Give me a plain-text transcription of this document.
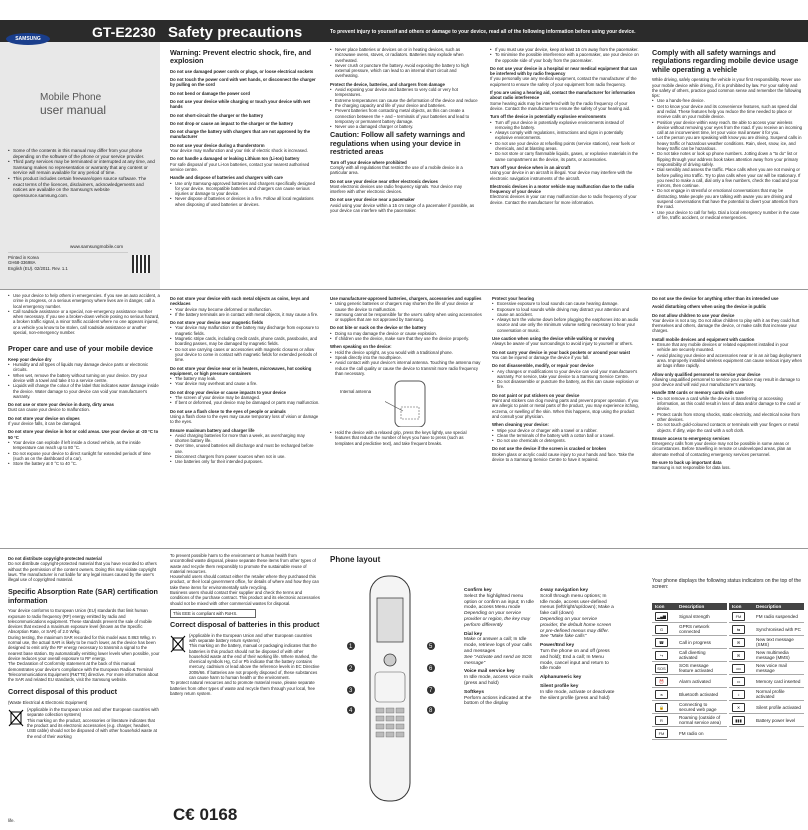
GT-E2230 Safety precautions	To prevent injury to yourself and others or damage to your device, read all of the following information before using your device.
SAMSUNG
Mobile Phone
user manual
• Some of the contents in this manual may differ from your phone depending on the software of the phone or your service provider.
• Third party services may be terminated or interrupted at any time, and Samsung makes no representation or warranty that any content or service will remain available for any period of time.
• This product includes certain freeware/open source software. The exact terms of the licences, disclaimers, acknowledgements and notices are available on the Samsung's website opensource.samsung.com.
www.samsungmobile.com
Printed in Korea
GH68-33698A
English (EU). 02/2011. Rev. 1.1
Warning: Prevent electric shock, fire, and explosion
Do not use damaged power cords or plugs, or loose electrical sockets
Do not touch the power cord with wet hands, or disconnect the charger by pulling on the cord
Do not bend or damage the power cord
Do not use your device while charging or touch your device with wet hands
Do not short-circuit the charger or the battery
Do not drop or cause an impact to the charger or the battery
Do not charge the battery with chargers that are not approved by the manufacturer
Do not use your device during a thunderstorm
Your device may malfunction and your risk of electric shock is increased.
Do not handle a damaged or leaking Lithium Ion (Li-Ion) battery
For safe disposal of your Li-Ion batteries, contact your nearest authorised service centre.
Handle and dispose of batteries and chargers with care
• Use only Samsung-approved batteries and chargers specifically designed for your device. Incompatible batteries and chargers can cause serious injuries or damage to your device.
• Never dispose of batteries or devices in a fire. Follow all local regulations when disposing of used batteries or devices.
• Never place batteries or devices on or in heating devices, such as microwave ovens, stoves, or radiators. Batteries may explode when overheated.
• Never crush or puncture the battery. Avoid exposing the battery to high external pressure, which can lead to an internal short circuit and overheating.
Protect the device, batteries, and chargers from damage
• Avoid exposing your device and batteries to very cold or very hot temperatures.
• Extreme temperatures can cause the deformation of the device and reduce the charging capacity and life of your device and batteries.
• Prevent batteries from contacting metal objects, as this can create a connection between the + and – terminals of your batteries and lead to temporary or permanent battery damage.
• Never use a damaged charger or battery.
Caution: Follow all safety warnings and regulations when using your device in restricted areas
Turn off your device where prohibited
Comply with all regulations that restrict the use of a mobile device in a particular area.
Do not use your device near other electronic devices
Most electronic devices use radio frequency signals. Your device may interfere with other electronic devices.
Do not use your device near a pacemaker
Avoid using your device within a 15 cm range of a pacemaker if possible, as your device can interfere with the pacemaker.
• If you must use your device, keep at least 15 cm away from the pacemaker.
• To minimise the possible interference with a pacemaker, use your device on the opposite side of your body from the pacemaker.
Do not use your device in a hospital or near medical equipment that can be interfered with by radio frequency
If you personally use any medical equipment, contact the manufacturer of the equipment to ensure the safety of your equipment from radio frequency.
If you are using a hearing aid, contact the manufacturer for information about radio interference
Some hearing aids may be interfered with by the radio frequency of your device. Contact the manufacturer to ensure the safety of your hearing aid.
Turn off the device in potentially explosive environments
• Turn off your device in potentially explosive environments instead of removing the battery.
• Always comply with regulations, instructions and signs in potentially explosive environments.
• Do not use your device at refuelling points (service stations), near fuels or chemicals, and at blasting areas.
• Do not store or carry flammable liquids, gases, or explosive materials in the same compartment as the device, its parts, or accessories.
Turn off your device when in an aircraft
Using your device in an aircraft is illegal. Your device may interfere with the electronic navigation instruments of the aircraft.
Electronic devices in a motor vehicle may malfunction due to the radio frequency of your device
Electronic devices in your car may malfunction due to radio frequency of your device. Contact the manufacturer for more information.
Comply with all safety warnings and regulations regarding mobile device usage while operating a vehicle
While driving, safely operating the vehicle is your first responsibility. Never use your mobile device while driving, if it is prohibited by law. For your safety and the safety of others, practice good common sense and remember the following tips:
• Use a hands-free device.
• Get to know your device and its convenience features, such as speed dial and redial. These features help you reduce the time needed to place or receive calls on your mobile device.
• Position your device within easy reach. Be able to access your wireless device without removing your eyes from the road. If you receive an incoming call at an inconvenient time, let your voice mail answer it for you.
• Let the person you are speaking with know you are driving. Suspend calls in heavy traffic or hazardous weather conditions. Rain, sleet, snow, ice, and heavy traffic can be hazardous.
• Do not take notes or look up phone numbers. Jotting down a "to do" list or flipping through your address book takes attention away from your primary responsibility of driving safely.
• Dial sensibly and assess the traffic. Place calls when you are not moving or before pulling into traffic. Try to plan calls when your car will be stationary. If you need to make a call, dial only a few numbers, check the road and your mirrors, then continue.
• Do not engage in stressful or emotional conversations that may be distracting. Make people you are talking with aware you are driving and suspend conversations that have the potential to divert your attention from the road.
• Use your device to call for help. Dial a local emergency number in the case of fire, traffic accident, or medical emergencies.
• Use your device to help others in emergencies. If you see an auto accident, a crime in progress, or a serious emergency where lives are in danger, call a local emergency number.
• Call roadside assistance or a special, non-emergency assistance number when necessary. If you see a broken-down vehicle posing no serious hazard, a broken traffic signal, a minor traffic accident where no one appears injured, or a vehicle you know to be stolen, call roadside assistance or another special, non-emergency number.
Proper care and use of your mobile device
Keep your device dry
• Humidity and all types of liquids may damage device parts or electronic circuits.
• When wet, remove the battery without turning on your device. Dry your device with a towel and take it to a service centre.
• Liquids will change the colour of the label that indicates water damage inside the device. Water damage to your device can void your manufacturer's warranty.
Do not use or store your device in dusty, dirty areas
Dust can cause your device to malfunction.
Do not store your device on slopes
If your device falls, it can be damaged.
Do not store your device in hot or cold areas. Use your device at -20 °C to 50 °C
• Your device can explode if left inside a closed vehicle, as the inside temperature can reach up to 80 °C.
• Do not expose your device to direct sunlight for extended periods of time (such as on the dashboard of a car).
• Store the battery at 0 °C to 40 °C.
Do not store your device with such metal objects as coins, keys and necklaces
• Your device may become deformed or malfunction.
• If the battery terminals are in contact with metal objects, it may cause a fire.
Do not store your device near magnetic fields
• Your device may malfunction or the battery may discharge from exposure to magnetic fields.
• Magnetic stripe cards, including credit cards, phone cards, passbooks, and boarding passes, may be damaged by magnetic fields.
• Do not use carrying cases or accessories with magnetic closures or allow your device to come in contact with magnetic fields for extended periods of time.
Do not store your device near or in heaters, microwaves, hot cooking equipment, or high pressure containers
• The battery may leak.
• Your device may overheat and cause a fire.
Do not drop your device or cause impacts to your device
• The screen of your device may be damaged.
• If bent or deformed, your device may be damaged or parts may malfunction.
Do not use a flash close to the eyes of people or animals
Using a flash close to the eyes may cause temporary loss of vision or damage to the eyes.
Ensure maximum battery and charger life
• Avoid charging batteries for more than a week, as overcharging may shorten battery life.
• Over time, unused batteries will discharge and must be recharged before use.
• Disconnect chargers from power sources when not in use.
• Use batteries only for their intended purposes.
Use manufacturer-approved batteries, chargers, accessories and supplies
• Using generic batteries or chargers may shorten the life of your device or cause the device to malfunction.
• Samsung cannot be responsible for the user's safety when using accessories or supplies that are not approved by Samsung.
Do not bite or suck on the device or the battery
• Doing so may damage the device or cause explosion.
• If children use the device, make sure that they use the device properly.
When speaking on the device:
• Hold the device upright, as you would with a traditional phone.
• Speak directly into the mouthpiece.
• Avoid contact with your device's internal antenna. Touching the antenna may reduce the call quality or cause the device to transmit more radio frequency than necessary.
Internal antenna
• Hold the device with a relaxed grip, press the keys lightly, use special features that reduce the number of keys you have to press (such as templates and predictive text), and take frequent breaks.
Protect your hearing
• Excessive exposure to loud sounds can cause hearing damage.
• Exposure to loud sounds while driving may distract your attention and cause an accident.
• Always turn the volume down before plugging the earphones into an audio source and use only the minimum volume setting necessary to hear your conversation or music.
Use caution when using the device while walking or moving
Always be aware of your surroundings to avoid injury to yourself or others.
Do not carry your device in your back pockets or around your waist
You can be injured or damage the device if you fall.
Do not disassemble, modify, or repair your device
• Any changes or modifications to your device can void your manufacturer's warranty. For service, take your device to a Samsung Service Centre.
• Do not disassemble or puncture the battery, as this can cause explosion or fire.
Do not paint or put stickers on your device
Paint and stickers can clog moving parts and prevent proper operation. If you are allergic to paint or metal parts of the product, you may experience itching, eczema, or swelling of the skin. When this happens, stop using the product and consult your physician.
When cleaning your device:
• Wipe your device or charger with a towel or a rubber.
• Clean the terminals of the battery with a cotton ball or a towel.
• Do not use chemicals or detergents.
Do not use the device if the screen is cracked or broken
Broken glass or acrylic could cause injury to your hands and face. Take the device to a Samsung Service Centre to have it repaired.
Do not use the device for anything other than its intended use
Avoid disturbing others when using the device in public
Do not allow children to use your device
Your device is not a toy. Do not allow children to play with it as they could hurt themselves and others, damage the device, or make calls that increase your charges.
Install mobile devices and equipment with caution
• Ensure that any mobile devices or related equipment installed in your vehicle are securely mounted.
• Avoid placing your device and accessories near or in an air bag deployment area. Improperly installed wireless equipment can cause serious injury when air bags inflate rapidly.
Allow only qualified personnel to service your device
Allowing unqualified personnel to service your device may result in damage to your device and will void your manufacturer's warranty.
Handle SIM cards or memory cards with care
• Do not remove a card while the device is transferring or accessing information, as this could result in loss of data and/or damage to the card or device.
• Protect cards from strong shocks, static electricity, and electrical noise from other devices.
• Do not touch gold-coloured contacts or terminals with your fingers or metal objects. If dirty, wipe the card with a soft cloth.
Ensure access to emergency services
Emergency calls from your device may not be possible in some areas or circumstances. Before travelling in remote or undeveloped areas, plan an alternate method of contacting emergency services personnel.
Be sure to back up important data
Samsung is not responsible for data loss.
Do not distribute copyright-protected material
Do not distribute copyright-protected material that you have recorded to others without the permission of the content owners. Doing this may violate copyright laws. The manufacturer is not liable for any legal issues caused by the user's illegal use of copyrighted material.
Specific Absorption Rate (SAR) certification information
Your device conforms to European Union (EU) standards that limit human exposure to radio frequency (RF) energy emitted by radio and telecommunications equipment. These standards prevent the sale of mobile devices that exceed a maximum exposure level (known as the Specific Absorption Rate, or SAR) of 2.0 W/kg.
During testing, the maximum SAR recorded for this model was 0.863 W/kg. In normal use, the actual SAR is likely to be much lower, as the device has been designed to emit only the RF energy necessary to transmit a signal to the nearest base station. By automatically emitting lower levels when possible, your device reduces your overall exposure to RF energy.
The Declaration of Conformity statement at the back of this manual demonstrates your device's compliance with the European Radio & Terminal Telecommunications Equipment (R&TTE) directive. For more information about the SAR and related EU standards, visit the Samsung website.
Correct disposal of this product
(Waste Electrical & Electronic Equipment)
(Applicable in the European Union and other European countries with separate collection systems)
This marking on the product, accessories or literature indicates that the product and its electronic accessories (e.g. charger, headset, USB cable) should not be disposed of with other household waste at the end of their working
life.
To prevent possible harm to the environment or human health from uncontrolled waste disposal, please separate these items from other types of waste and recycle them responsibly to promote the sustainable reuse of material resources.
Household users should contact either the retailer where they purchased this product, or their local government office, for details of where and how they can take these items for environmentally safe recycling.
Business users should contact their supplier and check the terms and conditions of the purchase contract. This product and its electronic accessories should not be mixed with other commercial wastes for disposal.
This EEE is compliant with RoHS.
Correct disposal of batteries in this product
(Applicable in the European Union and other European countries with separate battery return systems)
This marking on the battery, manual or packaging indicates that the batteries in this product should not be disposed of with other household waste at the end of their working life. Where marked, the chemical symbols Hg, Cd or Pb indicate that the battery contains mercury, cadmium or lead above the reference levels in EC Directive 2006/66. If batteries are not properly disposed of, these substances can cause harm to human health or the environment.
To protect natural resources and to promote material reuse, please separate batteries from other types of waste and recycle them through your local, free battery return system.
Phone layout
1
2
3
4
5
6
7
8
Confirm key
Select the highlighted menu option or confirm an input; In Idle mode, access Menu mode
Depending on your service provider or region, the key may perform differently
Dial key
Make or answer a call; In Idle mode, retrieve logs of your calls and messages
See "Activate and send an SOS message"
Voice mail service key
In Idle mode, access voice mails (press and hold)
Softkeys
Perform actions indicated at the bottom of the display
4-way navigation key
Scroll through menu options; In Idle mode, access user-defined menus (left/right/up/down); Make a fake call (down)
Depending on your service provider, the default home screen or pre-defined menus may differ. See "Make fake calls"
Power/End key
Turn the phone on and off (press and hold); End a call; In Menu mode, cancel input and return to Idle mode
Alphanumeric key
Silent profile key
In Idle mode, activate or deactivate the silent profile (press and hold)
Your phone displays the following status indicators on the top of the screen:
Icon	Description
▂▄▆	Signal strength
G	GPRS network connected
☎	Call in progress
↪	Call diverting activated
SOS	SOS message feature activated
⏰	Alarm activated
ʙ	Bluetooth activated
🔒	Connecting to secured web page
R	Roaming (outside of normal service area)
FM	FM radio on
Icon	Description
FM	FM radio suspended
⇆	Synchronised with PC
✉	New text message (SMS)
✉	New multimedia message (MMS)
oo	New voice mail message
▭	Memory card inserted
♪	Normal profile activated
✕	Silent profile activated
▮▮▮	Battery power level
C€ 0168
